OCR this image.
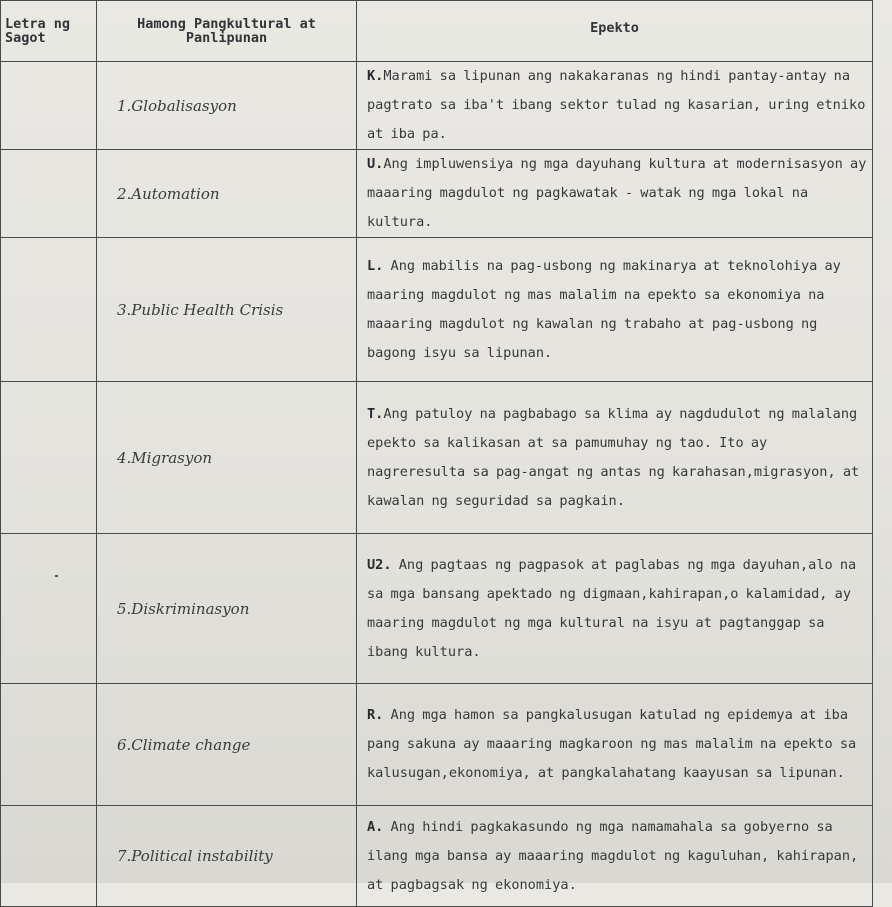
Letra ng Sagot	Hamong Pangkultural at Panlipunan	Epekto
	1.Globalisasyon	K.Marami sa lipunan ang nakakaranas ng hindi pantay-antay na pagtrato sa iba't ibang sektor tulad ng kasarian, uring etniko at iba pa.
	2.Automation	U.Ang impluwensiya ng mga dayuhang kultura at modernisasyon ay maaaring magdulot ng pagkawatak - watak ng mga lokal na kultura.
	3.Public Health Crisis	L. Ang mabilis na pag-usbong ng makinarya at teknolohiya ay maaring magdulot ng mas malalim na epekto sa ekonomiya na maaaring magdulot ng kawalan ng trabaho at pag-usbong ng bagong isyu sa lipunan.
	4.Migrasyon	T.Ang patuloy na pagbabago sa klima ay nagdudulot ng malalang epekto sa kalikasan at sa pamumuhay ng tao. Ito ay nagreresulta sa pag-angat ng antas ng karahasan,migrasyon, at kawalan ng seguridad sa pagkain.
	5.Diskriminasyon	U2. Ang pagtaas ng pagpasok at paglabas ng mga dayuhan,alo na sa mga bansang apektado ng digmaan,kahirapan,o kalamidad, ay maaring magdulot ng mga kultural na isyu at pagtanggap sa ibang kultura.
	6.Climate change	R. Ang mga hamon sa pangkalusugan katulad ng epidemya at iba pang sakuna ay maaaring magkaroon ng mas malalim na epekto sa kalusugan,ekonomiya, at pangkalahatang kaayusan sa lipunan.
	7.Political instability	A. Ang hindi pagkakasundo ng mga namamahala sa gobyerno sa ilang mga bansa ay maaaring magdulot ng kaguluhan, kahirapan, at pagbagsak ng ekonomiya.
